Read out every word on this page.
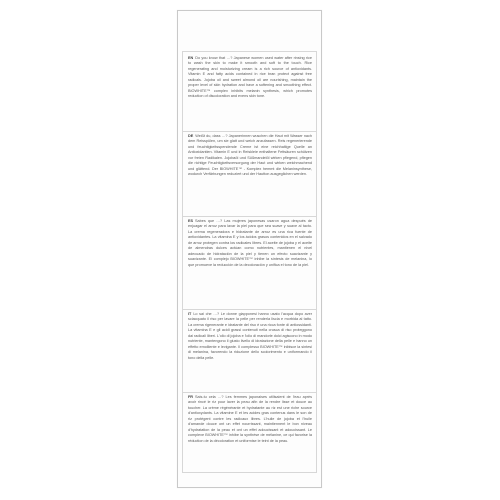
EN Do you know that …? Japanese women used water after rinsing rice to wash the skin to make it smooth and soft to the touch. Rice regenerating and moisturizing cream is a rich source of antioxidants. Vitamin E and fatty acids contained in rice bran protect against free radicals. Jojoba oil and sweet almond oil are nourishing, maintain the proper level of skin hydration and have a softening and smoothing effect. BIOWHITE™ complex inhibits melanin synthesis, which promotes reduction of discoloration and evens skin tone.
DE Weißt du, dass …? Japanerinnen wuschen die Haut mit Wasser nach dem Reisspülen, um sie glatt und weich anzufassen. Reis regenerierende und feuchtigkeitsspendende Creme ist eine reichhaltige Quelle an Antioxidantien. Vitamin E und in Reiskleie enthaltene Fettsäuren schützen vor freien Radikalen. Jojobaöl und Süßmandelöl wirken pflegend, pflegen die richtige Feuchtigkeitsversorgung der Haut und wirken weichmachend und glättend. Der BIOWHITE™ - Komplex hemmt die Melaninsynthese, wodurch Verfärbungen reduziert und der Hautton ausgeglichen werden.
ES Sabes que …? Las mujeres japonesas usaron agua después de enjuagar el arroz para lavar la piel para que sea suave y suave al tacto. La crema regeneradora e hidratante de arroz es una rica fuente de antioxidantes. La vitamina E y los ácidos grasos contenidos en el salvado de arroz protegen contra los radicales libres. El aceite de jojoba y el aceite de almendras dulces actúan como nutrientes, mantienen el nivel adecuado de hidratación de la piel y tienen un efecto suavizante y suavizante. El complejo BIOWHITE™ inhibe la síntesis de melanina, lo que promueve la reducción de la decoloración y unifica el tono de la piel.
IT Lo sai che …? Le donne giapponesi hanno usato l'acqua dopo aver sciacquato il riso per lavare la pelle per renderla liscia e morbida al tatto. La crema rigenerante e idratante del riso è una ricca fonte di antiossidanti. La vitamina E e gli acidi grassi contenuti nella crusca di riso proteggono dai radicali liberi. L'olio di jojoba e l'olio di mandorle dolci agiscono in modo nutriente, mantengono il giusto livello di idratazione della pelle e hanno un effetto emolliente e levigante. Il complesso BIOWHITE™ inibisce la sintesi di melanina, favorendo la riduzione dello scolorimento e uniformando il tono della pelle.
FR Sais-tu cela …? Les femmes japonaises utilisaient de l'eau après avoir rincé le riz pour laver la peau afin de la rendre lisse et douce au toucher. La crème régénérante et hydratante au riz est une riche source d'antioxydants. La vitamine E et les acides gras contenus dans le son de riz protègent contre les radicaux libres. L'huile de jojoba et l'huile d'amande douce ont un effet nourrissant, maintiennent le bon niveau d'hydratation de la peau et ont un effet adoucissant et adoucissant. Le complexe BIOWHITE™ inhibe la synthèse de mélanine, ce qui favorise la réduction de la décoloration et uniformise le teint de la peau.
